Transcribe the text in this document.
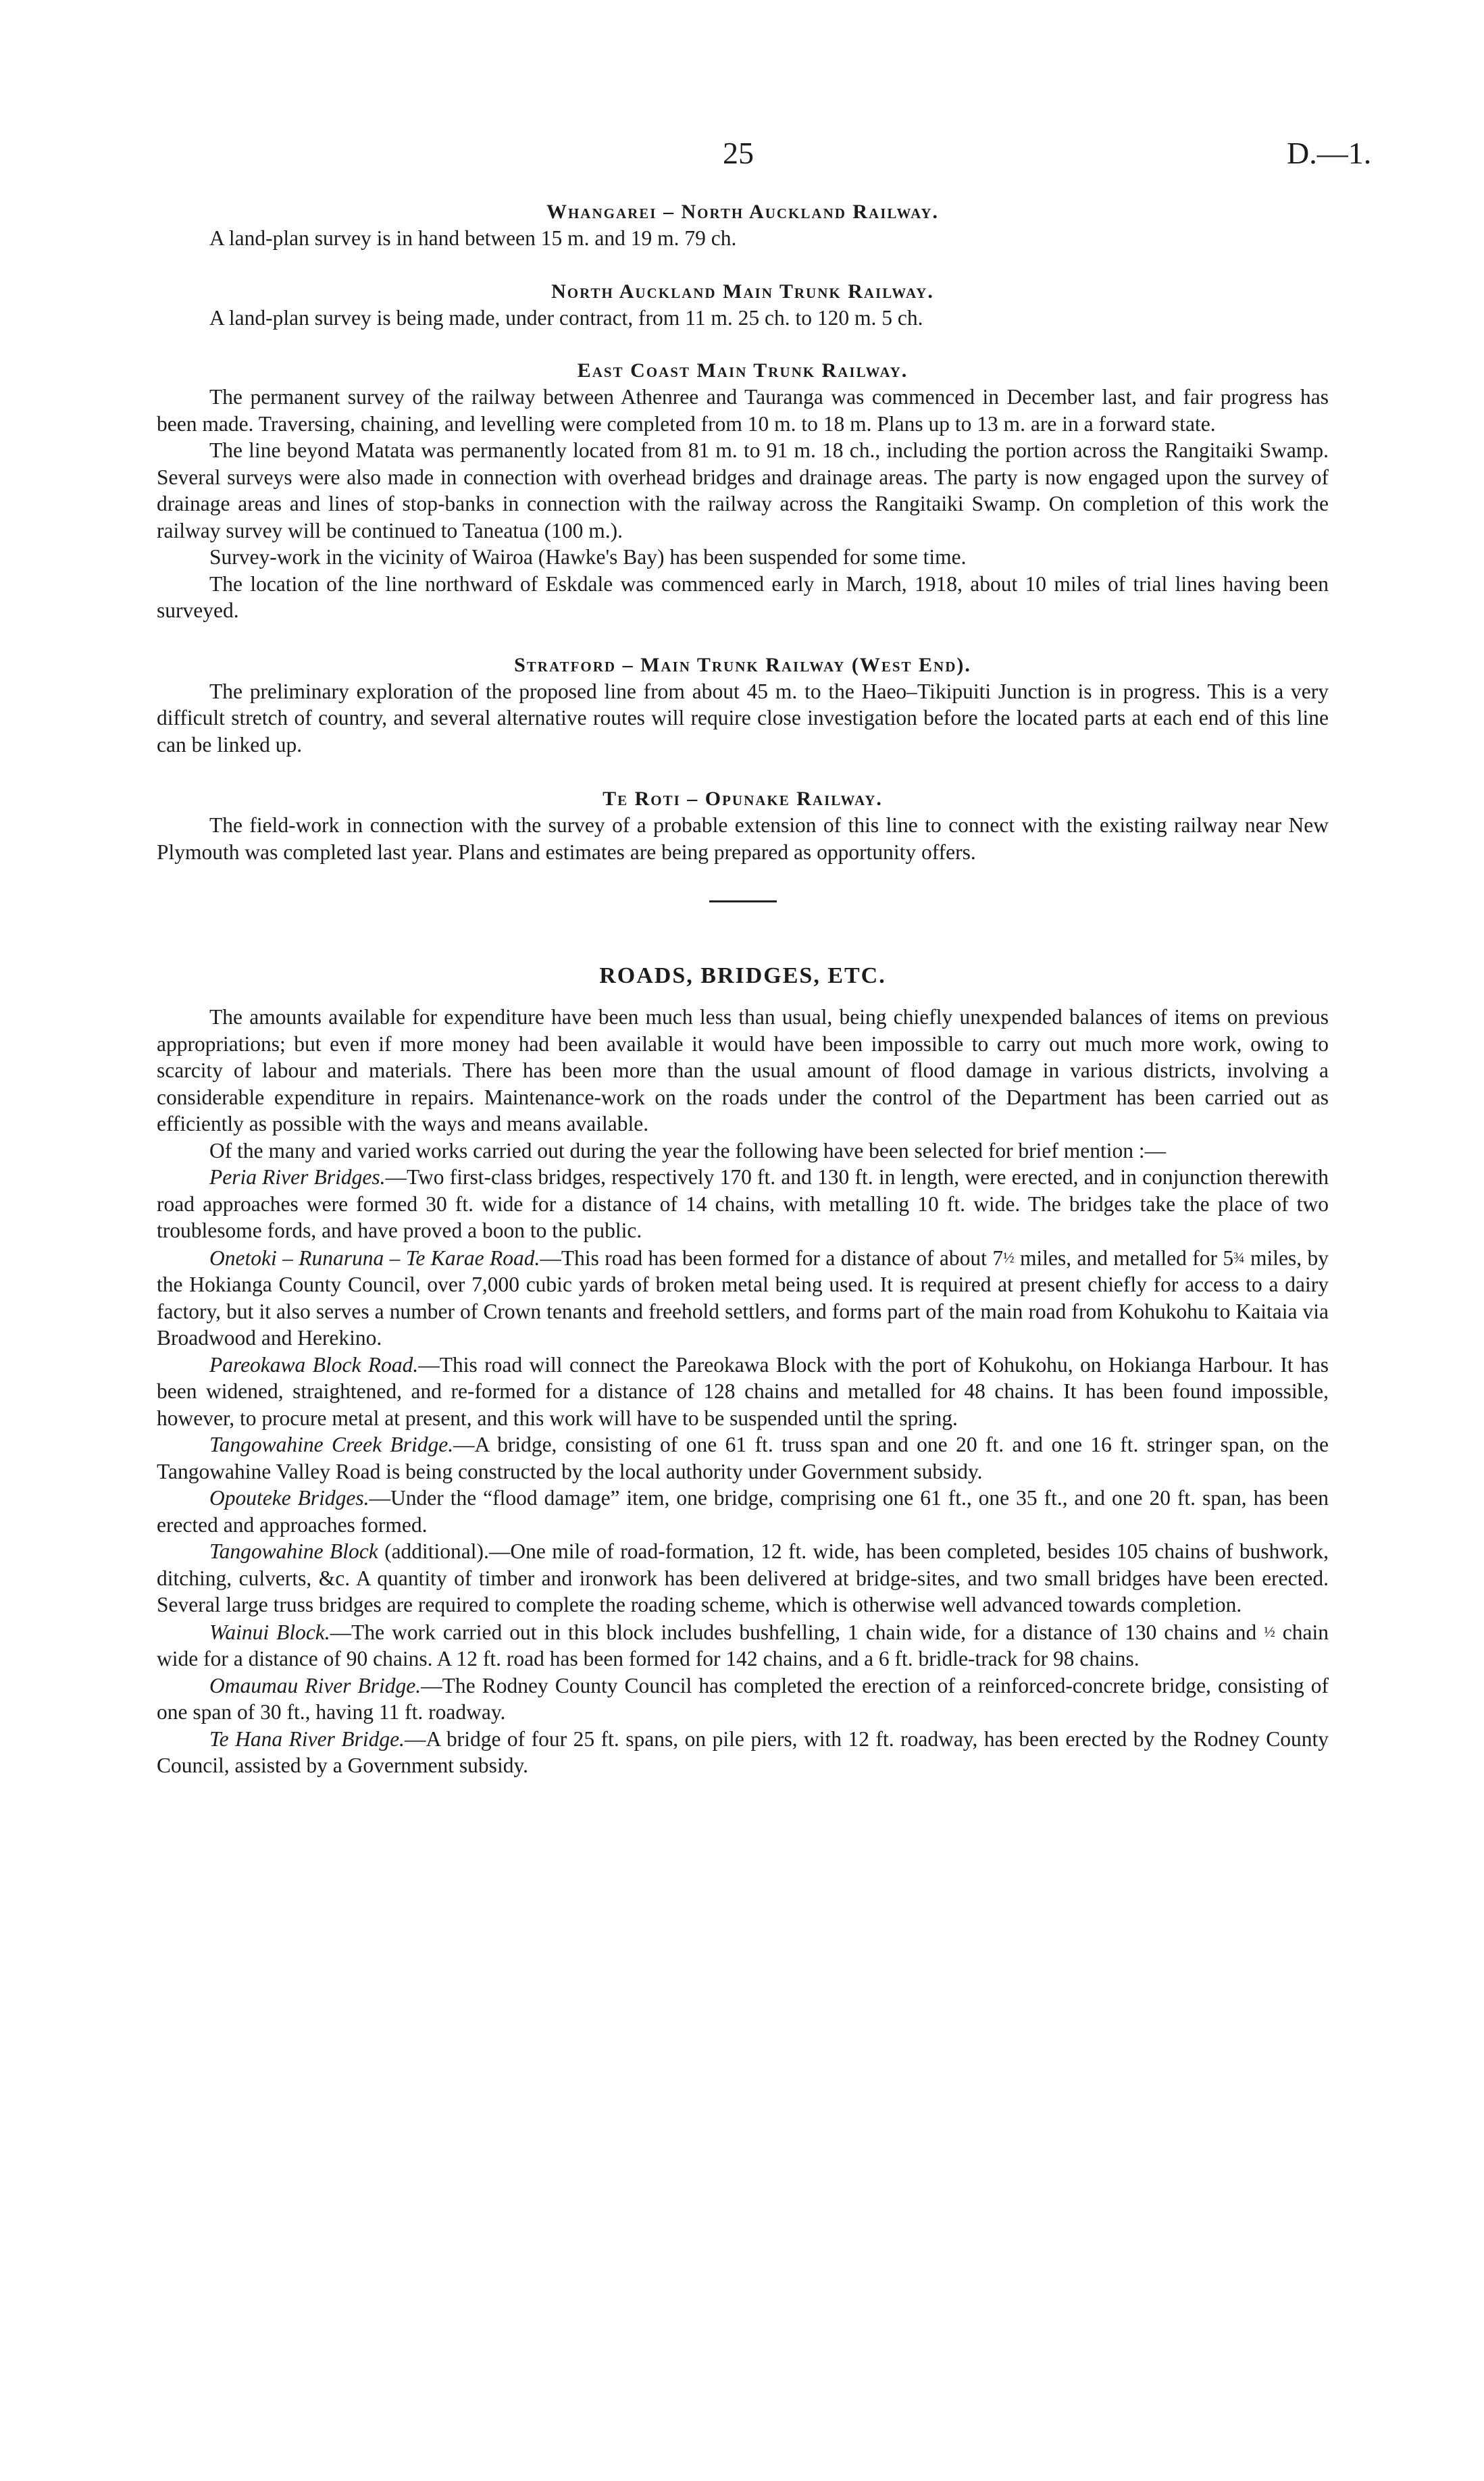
25	D.—1.
Whangarei – North Auckland Railway.

A land-plan survey is in hand between 15 m. and 19 m. 79 ch.

North Auckland Main Trunk Railway.

A land-plan survey is being made, under contract, from 11 m. 25 ch. to 120 m. 5 ch.

East Coast Main Trunk Railway.

The permanent survey of the railway between Athenree and Tauranga was commenced in December last, and fair progress has been made. Traversing, chaining, and levelling were completed from 10 m. to 18 m. Plans up to 13 m. are in a forward state.

The line beyond Matata was permanently located from 81 m. to 91 m. 18 ch., including the portion across the Rangitaiki Swamp. Several surveys were also made in connection with overhead bridges and drainage areas. The party is now engaged upon the survey of drainage areas and lines of stop-banks in connection with the railway across the Rangitaiki Swamp. On completion of this work the railway survey will be continued to Taneatua (100 m.).

Survey-work in the vicinity of Wairoa (Hawke's Bay) has been suspended for some time.

The location of the line northward of Eskdale was commenced early in March, 1918, about 10 miles of trial lines having been surveyed.

Stratford – Main Trunk Railway (West End).

The preliminary exploration of the proposed line from about 45 m. to the Haeo–Tikipuiti Junction is in progress. This is a very difficult stretch of country, and several alternative routes will require close investigation before the located parts at each end of this line can be linked up.

Te Roti – Opunake Railway.

The field-work in connection with the survey of a probable extension of this line to connect with the existing railway near New Plymouth was completed last year. Plans and estimates are being prepared as opportunity offers.

ROADS, BRIDGES, ETC.

The amounts available for expenditure have been much less than usual, being chiefly unexpended balances of items on previous appropriations; but even if more money had been available it would have been impossible to carry out much more work, owing to scarcity of labour and materials. There has been more than the usual amount of flood damage in various districts, involving a considerable expenditure in repairs. Maintenance-work on the roads under the control of the Department has been carried out as efficiently as possible with the ways and means available.

Of the many and varied works carried out during the year the following have been selected for brief mention :—

Peria River Bridges.—Two first-class bridges, respectively 170 ft. and 130 ft. in length, were erected, and in conjunction therewith road approaches were formed 30 ft. wide for a distance of 14 chains, with metalling 10 ft. wide. The bridges take the place of two troublesome fords, and have proved a boon to the public.

Onetoki – Runaruna – Te Karae Road.—This road has been formed for a distance of about 7½ miles, and metalled for 5¾ miles, by the Hokianga County Council, over 7,000 cubic yards of broken metal being used. It is required at present chiefly for access to a dairy factory, but it also serves a number of Crown tenants and freehold settlers, and forms part of the main road from Kohukohu to Kaitaia via Broadwood and Herekino.

Pareokawa Block Road.—This road will connect the Pareokawa Block with the port of Kohukohu, on Hokianga Harbour. It has been widened, straightened, and re-formed for a distance of 128 chains and metalled for 48 chains. It has been found impossible, however, to procure metal at present, and this work will have to be suspended until the spring.

Tangowahine Creek Bridge.—A bridge, consisting of one 61 ft. truss span and one 20 ft. and one 16 ft. stringer span, on the Tangowahine Valley Road is being constructed by the local authority under Government subsidy.

Opouteke Bridges.—Under the “flood damage” item, one bridge, comprising one 61 ft., one 35 ft., and one 20 ft. span, has been erected and approaches formed.

Tangowahine Block (additional).—One mile of road-formation, 12 ft. wide, has been completed, besides 105 chains of bushwork, ditching, culverts, &c. A quantity of timber and ironwork has been delivered at bridge-sites, and two small bridges have been erected. Several large truss bridges are required to complete the roading scheme, which is otherwise well advanced towards completion.

Wainui Block.—The work carried out in this block includes bushfelling, 1 chain wide, for a distance of 130 chains and ½ chain wide for a distance of 90 chains. A 12 ft. road has been formed for 142 chains, and a 6 ft. bridle-track for 98 chains.

Omaumau River Bridge.—The Rodney County Council has completed the erection of a reinforced-concrete bridge, consisting of one span of 30 ft., having 11 ft. roadway.

Te Hana River Bridge.—A bridge of four 25 ft. spans, on pile piers, with 12 ft. roadway, has been erected by the Rodney County Council, assisted by a Government subsidy.
